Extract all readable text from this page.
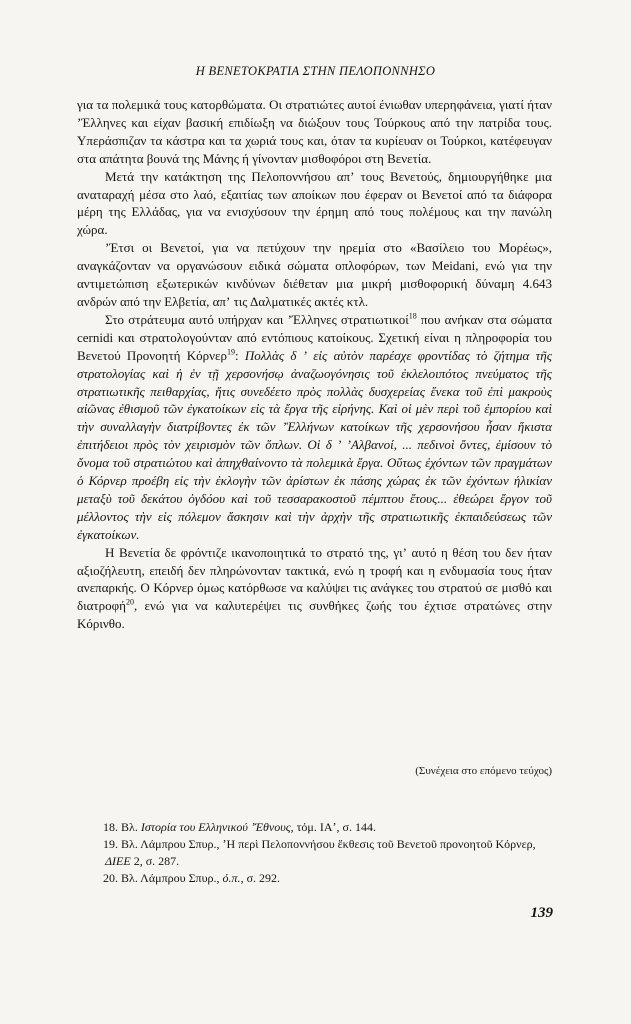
Η ΒΕΝΕΤΟΚΡΑΤΙΑ ΣΤΗΝ ΠΕΛΟΠΟΝΝΗΣΟ

για τα πολεμικά τους κατορθώματα. Οι στρατιώτες αυτοί ένιωθαν υπερηφάνεια, γιατί ήταν ʼΈλληνες και είχαν βασική επιδίωξη να διώξουν τους Τούρκους από την πατρίδα τους. Υπεράσπιζαν τα κάστρα και τα χωριά τους και, όταν τα κυρίευαν οι Τούρκοι, κατέφευγαν στα απάτητα βουνά της Μάνης ή γίνονταν μισθοφόροι στη Βενετία.

Μετά την κατάκτηση της Πελοποννήσου απʼ τους Βενετούς, δημιουργήθηκε μια αναταραχή μέσα στο λαό, εξαιτίας των αποίκων που έφεραν οι Βενετοί από τα διάφορα μέρη της Ελλάδας, για να ενισχύσουν την έρημη από τους πολέμους και την πανώλη χώρα.

ʼΈτσι οι Βενετοί, για να πετύχουν την ηρεμία στο «Βασίλειο του Μορέως», αναγκάζονταν να οργανώσουν ειδικά σώματα οπλοφόρων, των Meidani, ενώ για την αντιμετώπιση εξωτερικών κινδύνων διέθεταν μια μικρή μισθοφορική δύναμη 4.643 ανδρών από την Ελβετία, απʼ τις Δαλματικές ακτές κτλ.

Στο στράτευμα αυτό υπήρχαν και ʼΈλληνες στρατιωτικοί$^{18}$ που ανήκαν στα σώματα cernidi και στρατολογούνταν από εντόπιους κατοίκους. Σχετική είναι η πληροφορία του Βενετού Προνοητή Κόρνερ$^{19}$: Πολλὰς δ ʼ εἰς αὐτὸν παρέσχε φροντίδας τὸ ζήτημα τῆς στρατολογίας καὶ ἡ ἐν τῇ χερσονήσῳ ἀναζωογόνησις τοῦ ἐκλελοιπότος πνεύματος τῆς στρατιωτικῆς πειθαρχίας, ἥτις συνεδέετο πρὸς πολλὰς δυσχερείας ἕνεκα τοῦ ἐπὶ μακροὺς αἰῶνας ἐθισμοῦ τῶν ἐγκατοίκων εἰς τὰ ἔργα τῆς εἰρήνης. Καὶ οἱ μὲν περὶ τοῦ ἐμπορίου καὶ τὴν συναλλαγὴν διατρίβοντες ἐκ τῶν ʼἙλλήνων κατοίκων τῆς χερσονήσου ἦσαν ἥκιστα ἐπιτήδειοι πρὸς τὸν χειρισμὸν τῶν ὅπλων. Οἱ δ ʼ ʼΑλβανοί, ... πεδινοὶ ὄντες, ἐμίσουν τὸ ὄνομα τοῦ στρατιώτου καὶ ἀπηχθαίνοντο τὰ πολεμικὰ ἔργα. Οὕτως ἐχόντων τῶν πραγμάτων ὁ Κόρνερ προέβη εἰς τὴν ἐκλογὴν τῶν ἀρίστων ἐκ πάσης χώρας ἐκ τῶν ἐχόντων ἡλικίαν μεταξὺ τοῦ δεκάτου ὀγδόου καὶ τοῦ τεσσαρακοστοῦ πέμπτου ἔτους... ἐθεώρει ἔργον τοῦ μέλλοντος τὴν εἰς πόλεμον ἄσκησιν καὶ τὴν ἀρχὴν τῆς στρατιωτικῆς ἐκπαιδεύσεως τῶν ἐγκατοίκων.

Η Βενετία δε φρόντιζε ικανοποιητικά το στρατό της, γιʼ αυτό η θέση του δεν ήταν αξιοζήλευτη, επειδή δεν πληρώνονταν τακτικά, ενώ η τροφή και η ενδυμασία τους ήταν ανεπαρκής. Ο Κόρνερ όμως κατόρθωσε να καλύψει τις ανάγκες του στρατού σε μισθό και διατροφή$^{20}$, ενώ για να καλυτερέψει τις συνθήκες ζωής του έχτισε στρατώνες στην Κόρινθο.

(Συνέχεια στο επόμενο τεύχος)

18. Βλ. Ιστορία του Ελληνικού ʼΈθνους, τόμ. ΙΑʼ, σ. 144.

19. Βλ. Λάμπρου Σπυρ., ʼΗ περὶ Πελοποννήσου ἔκθεσις τοῦ Βενετοῦ προνοητοῦ Κόρνερ, ΔΙΕΕ 2, σ. 287.

20. Βλ. Λάμπρου Σπυρ., ό.π., σ. 292.

139
